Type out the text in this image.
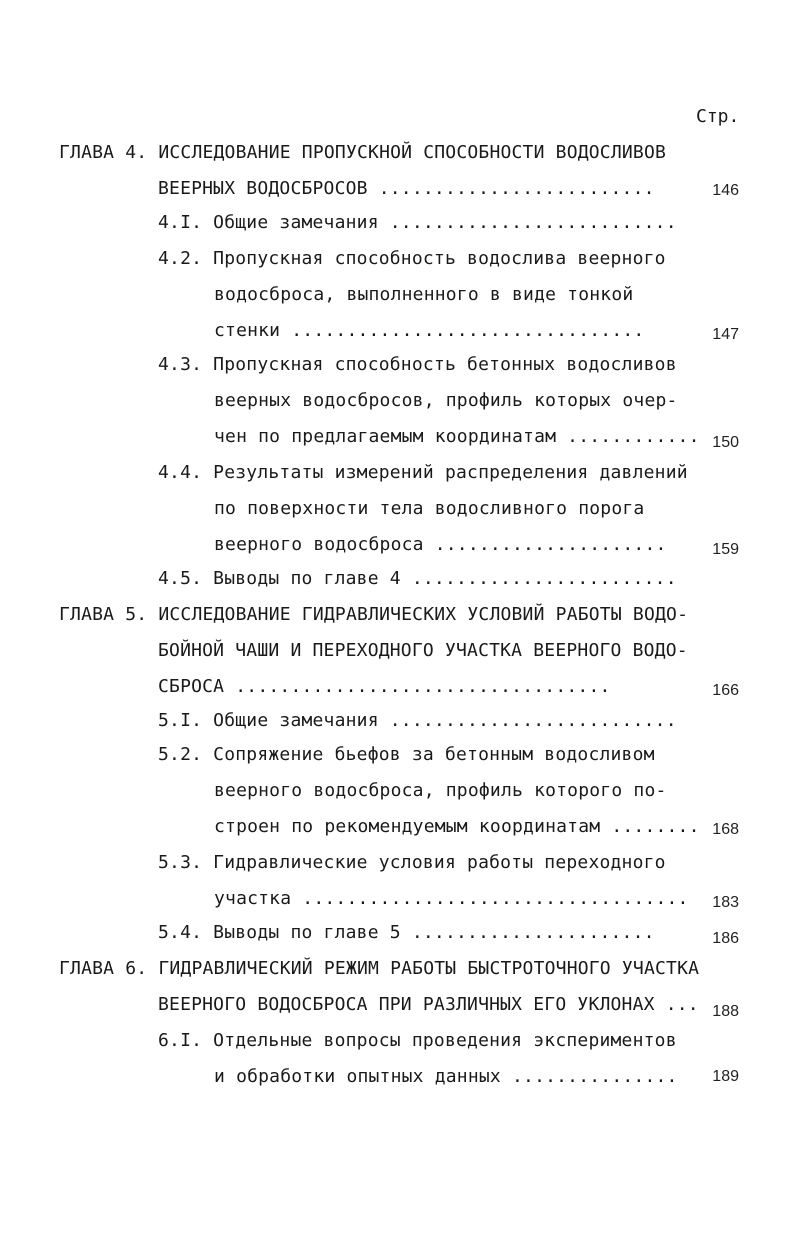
Стр.
ГЛАВА 4. ИССЛЕДОВАНИЕ ПРОПУСКНОЙ СПОСОБНОСТИ ВОДОСЛИВОВ
ВЕЕРНЫХ ВОДОСБРОСОВ .........................	146
4.I. Общие замечания ..........................
4.2. Пропускная способность водослива веерного
водосброса, выполненного в виде тонкой
стенки ................................	147
4.3. Пропускная способность бетонных водосливов
веерных водосбросов, профиль которых очер-
чен по предлагаемым координатам ............ 150
4.4. Результаты измерений распределения давлений
по поверхности тела водосливного порога
веерного водосброса .....................	159
4.5. Выводы по главе 4 ........................
ГЛАВА 5. ИССЛЕДОВАНИЕ ГИДРАВЛИЧЕСКИХ УСЛОВИЙ РАБОТЫ ВОДО-
БОЙНОЙ ЧАШИ И ПЕРЕХОДНОГО УЧАСТКА ВЕЕРНОГО ВОДО-
СБРОСА ..................................	166
5.I. Общие замечания ..........................
5.2. Сопряжение бьефов за бетонным водосливом
веерного водосброса, профиль которого по-
строен по рекомендуемым координатам ........ 168
5.3. Гидравлические условия работы переходного
участка ...................................	183
5.4. Выводы по главе 5 ......................	186
ГЛАВА 6. ГИДРАВЛИЧЕСКИЙ РЕЖИМ РАБОТЫ БЫСТРОТОЧНОГО УЧАСТКА
ВЕЕРНОГО ВОДОСБРОСА ПРИ РАЗЛИЧНЫХ ЕГО УКЛОНАХ ... 188
6.I. Отдельные вопросы проведения экспериментов
и обработки опытных данных ...............	189
